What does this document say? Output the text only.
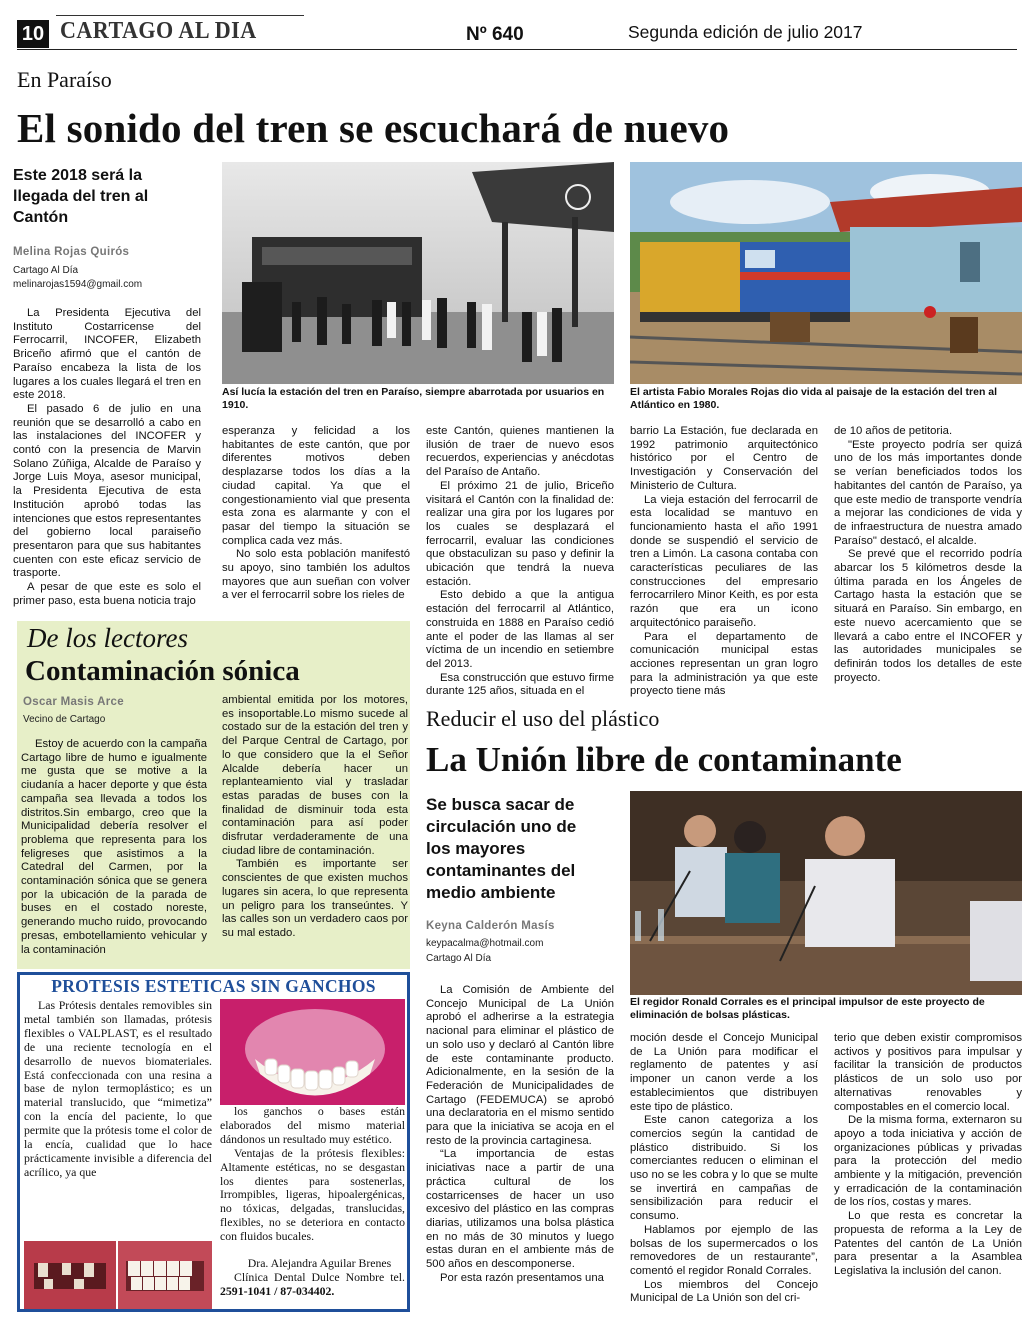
10 CARTAGO AL DIA	Nº 640	Segunda edición de julio 2017
En Paraíso
El sonido del tren se escuchará de nuevo
Este 2018 será la llegada del tren al Cantón
Melina Rojas Quirós
Cartago Al Día
melinarojas1594@gmail.com
Así lucía la estación del tren en Paraíso, siempre abarrotada por usuarios en 1910.
El artista Fabio Morales Rojas dio vida al paisaje de la estación del tren al Atlántico en 1980.

La Presidenta Ejecutiva del Instituto Costarricense del Ferrocarril, INCOFER, Elizabeth Briceño afirmó que el cantón de Paraíso encabeza la lista de los lugares a los cuales llegará el tren en este 2018.

El pasado 6 de julio en una reunión que se desarrolló a cabo en las instalaciones del INCOFER y contó con la presencia de Marvin Solano Zúñiga, Alcalde de Paraíso y Jorge Luis Moya, asesor municipal, la Presidenta Ejecutiva de esta Institución aprobó todas las intenciones que estos representantes del gobierno local paraiseño presentaron para que sus habitantes cuenten con este eficaz servicio de trasporte.

A pesar de que este es solo el primer paso, esta buena noticia trajo

esperanza y felicidad a los habitantes de este cantón, que por diferentes motivos deben desplazarse todos los días a la ciudad capital. Ya que el congestionamiento vial que presenta esta zona es alarmante y con el pasar del tiempo la situación se complica cada vez más.

No solo esta población manifestó su apoyo, sino también los adultos mayores que aun sueñan con volver a ver el ferrocarril sobre los rieles de

este Cantón, quienes mantienen la ilusión de traer de nuevo esos recuerdos, experiencias y anécdotas del Paraíso de Antaño.

El próximo 21 de julio, Briceño visitará el Cantón con la finalidad de: realizar una gira por los lugares por los cuales se desplazará el ferrocarril, evaluar las condiciones que obstaculizan su paso y definir la ubicación que tendrá la nueva estación.

Esto debido a que la antigua estación del ferrocarril al Atlántico, construida en 1888 en Paraíso cedió ante el poder de las llamas al ser víctima de un incendio en setiembre del 2013.

Esa construcción que estuvo firme durante 125 años, situada en el

barrio La Estación, fue declarada en 1992 patrimonio arquitectónico histórico por el Centro de Investigación y Conservación del Ministerio de Cultura.

La vieja estación del ferrocarril de esta localidad se mantuvo en funcionamiento hasta el año 1991 donde se suspendió el servicio de tren a Limón. La casona contaba con características peculiares de las construcciones del empresario ferrocarrilero Minor Keith, es por esta razón que era un icono arquitectónico paraiseño.

Para el departamento de comunicación municipal estas acciones representan un gran logro para la administración ya que este proyecto tiene más

de 10 años de petitoria.

"Este proyecto podría ser quizá uno de los más importantes donde se verían beneficiados todos los habitantes del cantón de Paraíso, ya que este medio de transporte vendría a mejorar las condiciones de vida y de infraestructura de nuestra amado Paraíso" destacó, el alcalde.

Se prevé que el recorrido podría abarcar los 5 kilómetros desde la última parada en los Ángeles de Cartago hasta la estación que se situará en Paraíso. Sin embargo, en este nuevo acercamiento que se llevará a cabo entre el INCOFER y las autoridades municipales se definirán todos los detalles de este proyecto.

De los lectores
Contaminación sónica
Oscar Masis Arce
Vecino de Cartago

Estoy de acuerdo con la campaña Cartago libre de humo e igualmente me gusta que se motive a la ciudanía a hacer deporte y que ésta campaña sea llevada a todos los distritos.Sin embargo, creo que la Municipalidad debería resolver el problema que representa para los feligreses que asistimos a la Catedral del Carmen, por la contaminación sónica que se genera por la ubicación de la parada de buses en el costado noreste, generando mucho ruido, provocando presas, embotellamiento vehicular y la contaminación

ambiental emitida por los motores, es insoportable.Lo mismo sucede al costado sur de la estación del tren y del Parque Central de Cartago, por lo que considero que la el Señor Alcalde debería hacer un replanteamiento vial y trasladar estas paradas de buses con la finalidad de disminuir toda esta contaminación para así poder disfrutar verdaderamente de una ciudad libre de contaminación.

También es importante ser conscientes de que existen muchos lugares sin acera, lo que representa un peligro para los transeúntes. Y las calles son un verdadero caos por su mal estado.

PROTESIS ESTETICAS SIN GANCHOS

Las Prótesis dentales removibles sin metal también son llamadas, prótesis flexibles o VALPLAST, es el resultado de una reciente tecnología en el desarrollo de nuevos biomateriales. Está confeccionada con una resina a base de nylon termoplástico; es un material translucido, que “mimetiza” con la encía del paciente, lo que permite que la prótesis tome el color de la encía, cualidad que lo hace prácticamente invisible a diferencia del acrílico, ya que

los ganchos o bases están elaborados del mismo material dándonos un resultado muy estético.

Ventajas de la prótesis flexibles: Altamente estéticas, no se desgastan los dientes para sostenerlas, Irrompibles, ligeras, hipoalergénicas, no tóxicas, delgadas, translucidas, flexibles, no se deteriora en contacto con fluidos bucales.

Dra. Alejandra Aguilar Brenes

Clínica Dental Dulce Nombre tel. 2591-1041 / 87-034402.

Reducir el uso del plástico
La Unión libre de contaminante
Se busca sacar de circulación uno de los mayores contaminantes del medio ambiente
Keyna Calderón Masís
keypacalma@hotmail.com
Cartago Al Día
El regidor Ronald Corrales es el principal impulsor de este proyecto de eliminación de bolsas plásticas.

La Comisión de Ambiente del Concejo Municipal de La Unión aprobó el adherirse a la estrategia nacional para eliminar el plástico de un solo uso y declaró al Cantón libre de este contaminante producto. Adicionalmente, en la sesión de la Federación de Municipalidades de Cartago (FEDEMUCA) se aprobó una declaratoria en el mismo sentido para que la iniciativa se acoja en el resto de la provincia cartaginesa.

“La importancia de estas iniciativas nace a partir de una práctica cultural de los costarricenses de hacer un uso excesivo del plástico en las compras diarias, utilizamos una bolsa plástica en no más de 30 minutos y luego estas duran en el ambiente más de 500 años en descomponerse.

Por esta razón presentamos una

moción desde el Concejo Municipal de La Unión para modificar el reglamento de patentes y así imponer un canon verde a los establecimientos que distribuyen este tipo de plástico.

Este canon categoriza a los comercios según la cantidad de plástico distribuido. Si los comerciantes reducen o eliminan el uso no se les cobra y lo que se multe se invertirá en campañas de sensibilización para reducir el consumo.

Hablamos por ejemplo de las bolsas de los supermercados o los removedores de un restaurante”, comentó el regidor Ronald Corrales.

Los miembros del Concejo Municipal de La Unión son del cri-

terio que deben existir compromisos activos y positivos para impulsar y facilitar la transición de productos plásticos de un solo uso por alternativas renovables y compostables en el comercio local.

De la misma forma, externaron su apoyo a toda iniciativa y acción de organizaciones públicas y privadas para la protección del medio ambiente y la mitigación, prevención y erradicación de la contaminación de los ríos, costas y mares.

Lo que resta es concretar la propuesta de reforma a la Ley de Patentes del cantón de La Unión para presentar a la Asamblea Legislativa la inclusión del canon.
